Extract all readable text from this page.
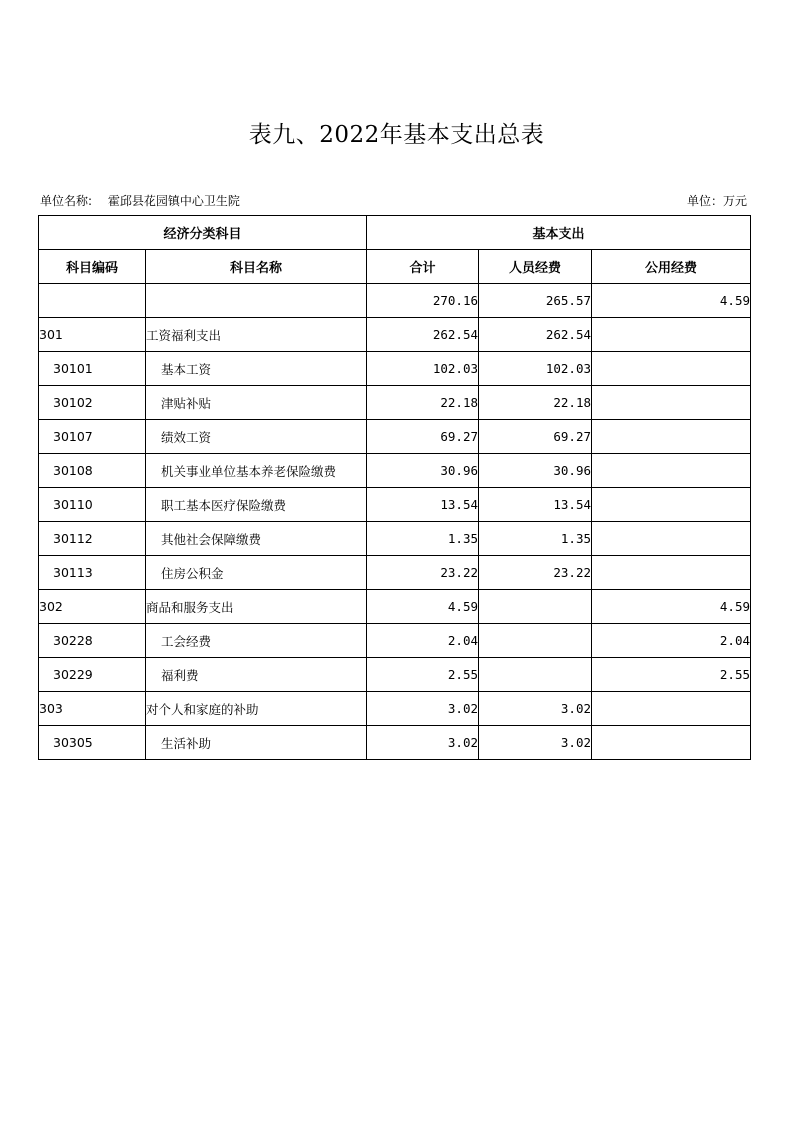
表九、2022年基本支出总表
单位名称: 霍邱县花园镇中心卫生院	单位：万元
经济分类科目		基本支出		
科目编码	科目名称	合计	人员经费	公用经费
		270.16	265.57	4.59
301	工资福利支出	262.54	262.54	
30101	基本工资	102.03	102.03	
30102	津贴补贴	22.18	22.18	
30107	绩效工资	69.27	69.27	
30108	机关事业单位基本养老保险缴费	30.96	30.96	
30110	职工基本医疗保险缴费	13.54	13.54	
30112	其他社会保障缴费	1.35	1.35	
30113	住房公积金	23.22	23.22	
302	商品和服务支出	4.59		4.59
30228	工会经费	2.04		2.04
30229	福利费	2.55		2.55
303	对个人和家庭的补助	3.02	3.02	
30305	生活补助	3.02	3.02	
